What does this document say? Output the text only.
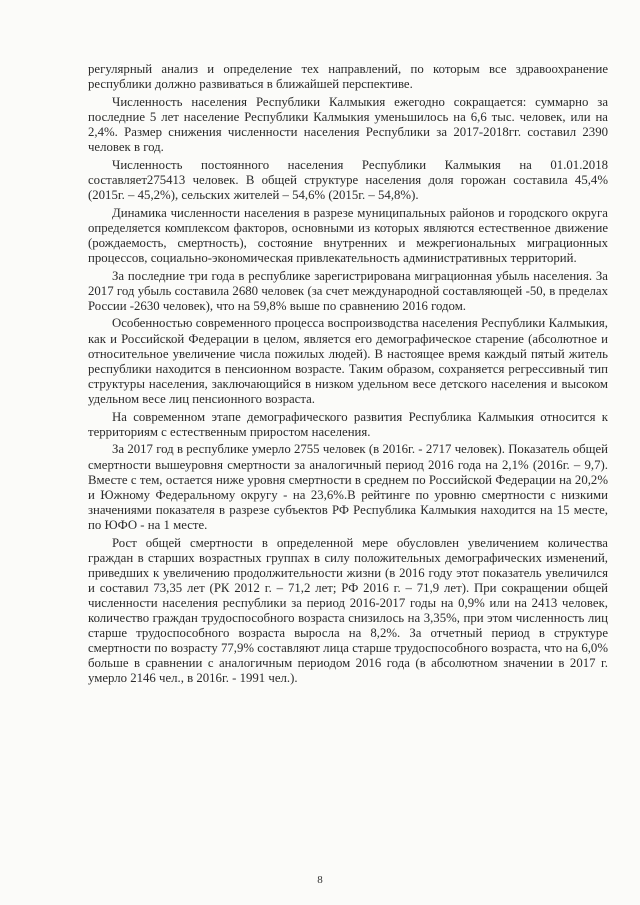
регулярный анализ и определение тех направлений, по которым все здравоохранение республики должно развиваться в ближайшей перспективе.

Численность населения Республики Калмыкия ежегодно сокращается: суммарно за последние 5 лет население Республики Калмыкия уменьшилось на 6,6 тыс. человек, или на 2,4%. Размер снижения численности населения Республики за 2017-2018гг. составил 2390 человек в год.

Численность постоянного населения Республики Калмыкия на 01.01.2018 составляет275413 человек. В общей структуре населения доля горожан составила 45,4% (2015г. – 45,2%), сельских жителей – 54,6% (2015г. – 54,8%).

Динамика численности населения в разрезе муниципальных районов и городского округа определяется комплексом факторов, основными из которых являются естественное движение (рождаемость, смертность), состояние внутренних и межрегиональных миграционных процессов, социально-экономическая привлекательность административных территорий.

За последние три года в республике зарегистрирована миграционная убыль населения. За 2017 год убыль составила 2680 человек (за счет международной составляющей -50, в пределах России -2630 человек), что на 59,8% выше по сравнению 2016 годом.

Особенностью современного процесса воспроизводства населения Республики Калмыкия, как и Российской Федерации в целом, является его демографическое старение (абсолютное и относительное увеличение числа пожилых людей). В настоящее время каждый пятый житель республики находится в пенсионном возрасте. Таким образом, сохраняется регрессивный тип структуры населения, заключающийся в низком удельном весе детского населения и высоком удельном весе лиц пенсионного возраста.

На современном этапе демографического развития Республика Калмыкия относится к территориям с естественным приростом населения.

За 2017 год в республике умерло 2755 человек (в 2016г. - 2717 человек). Показатель общей смертности вышеуровня смертности за аналогичный период 2016 года на 2,1% (2016г. – 9,7). Вместе с тем, остается ниже уровня смертности в среднем по Российской Федерации на 20,2% и Южному Федеральному округу - на 23,6%.В рейтинге по уровню смертности с низкими значениями показателя в разрезе субъектов РФ Республика Калмыкия находится на 15 месте, по ЮФО - на 1 месте.

Рост общей смертности в определенной мере обусловлен увеличением количества граждан в старших возрастных группах в силу положительных демографических изменений, приведших к увеличению продолжительности жизни (в 2016 году этот показатель увеличился и составил 73,35 лет (РК 2012 г. – 71,2 лет; РФ 2016 г. – 71,9 лет). При сокращении общей численности населения республики за период 2016-2017 годы на 0,9% или на 2413 человек, количество граждан трудоспособного возраста снизилось на 3,35%, при этом численность лиц старше трудоспособного возраста выросла на 8,2%. За отчетный период в структуре смертности по возрасту 77,9% составляют лица старше трудоспособного возраста, что на 6,0% больше в сравнении с аналогичным периодом 2016 года (в абсолютном значении в 2017 г. умерло 2146 чел., в 2016г. - 1991 чел.).

8
